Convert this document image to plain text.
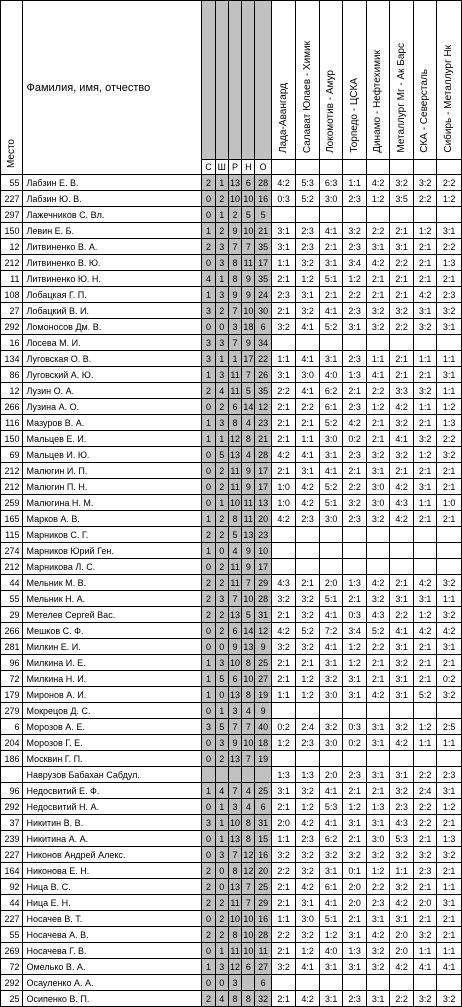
Место	Фамилия, имя, отчество						Лада-Авангард	Салават Юлаев - Химик	Локомотив - Амур	Торпедо - ЦСКА	Динамо - Нефтехимик	Металлург Мг - Ак Барс	СКА - Северсталь	Сибирь - Металлург Нк
		С	Ш	Р	Н	О								
55	Лабзин Е. В.	2	1	13	6	28	4:2	5:3	6:3	1:1	4:2	3:2	3:2	2:2
227	Лабзин Ю. В.	0	2	10	10	16	0:3	5:2	3:0	2:3	1:2	3:5	2:2	1:2
297	Лажечников С. Вл.	0	1	2	5	5								
150	Левин Е. Б.	1	2	9	10	21	3:1	2:3	4:1	3:2	2:2	2:1	1:2	3:1
12	Литвиненко В. А.	2	3	7	7	35	3:1	2:3	2:1	2:3	3:1	3:1	2:1	2:2
212	Литвиненко В. Ю.	0	3	8	11	17	1:1	3:2	3:1	3:4	4:2	2:2	2:1	1:3
11	Литвиненко Ю. Н.	4	1	8	9	35	2:1	1:2	5:1	1:2	2:1	2:1	2:1	2:1
108	Лобацкая Г. П.	1	3	9	9	24	2:3	3:1	2:1	2:2	2:1	2:1	4:2	2:3
27	Лобацкий В. И.	3	2	7	10	30	2:1	3:2	4:1	2:3	3:2	3:2	3:1	3:2
292	Ломоносов Дм. В.	0	0	3	18	6	3:2	4:1	5:2	3:1	3:2	2:2	3:2	3:1
16	Лосева М. И.	3	3	7	9	34								
134	Луговская О. В.	3	1	1	17	22	1:1	4:1	3:1	2:3	1:1	2:1	1:1	1:1
86	Луговский А. Ю.	1	3	11	7	26	3:1	3:0	4:0	1:3	4:1	2:1	2:1	3:1
12	Лузин О. А.	2	4	11	5	35	2:2	4:1	6:2	2:1	2:2	3:3	3:2	1:1
266	Лузина А. О.	0	2	6	14	12	2:1	2:2	6:1	2:3	1:2	4:2	1:1	1:2
116	Мазуров В. А.	1	3	8	4	23	2:1	2:1	5:2	4:2	2:1	3:2	2:1	1:3
150	Мальцев Е. И.	1	1	12	8	21	2:1	1:1	3:0	0:2	2:1	4:1	3:2	2:2
69	Мальцев И. Ю.	0	5	13	4	28	4:2	4:1	3:1	2:3	3:2	3:2	1:2	3:2
212	Малюгин И. П.	0	2	11	9	17	2:1	3:1	4:1	2:1	3:1	2:1	2:1	2:1
212	Малюгин П. Н.	0	2	11	9	17	1:0	4:2	5:2	2:2	3:0	4:2	3:1	2:1
259	Малюгина Н. М.	0	1	10	11	13	1:0	4:2	5:1	3:2	3:0	4:3	1:1	1:0
165	Марков А. В.	1	2	8	11	20	4:2	2:3	3:0	2:3	3:2	4:2	2:1	2:1
115	Марников С. Г.	2	2	5	13	23								
274	Марников Юрий Ген.	1	0	4	9	10								
212	Марникова Л. С.	0	2	11	9	17								
44	Мельник М. В.	2	2	11	7	29	4:3	2:1	2:0	1:3	4:2	2:1	4:2	3:2
55	Мельник Н. А.	2	3	7	10	28	3:2	3:2	5:1	2:1	3:2	3:1	3:1	1:1
29	Метелев Сергей Вас.	2	2	13	5	31	2:1	3:2	4:1	0:3	4:3	2:2	1:2	3:2
266	Мешков С. Ф.	0	2	6	14	12	4:2	5:2	7:2	3:4	5:2	4:1	4:2	4:2
281	Милкин Е. И.	0	0	9	13	9	3:2	3:2	4:1	1:2	2:2	3:1	2:1	3:1
96	Милкина И. Е.	1	3	10	8	25	2:1	2:1	3:1	1:2	2:1	3:2	2:1	2:1
72	Милкина Н. И.	1	5	6	10	27	2:1	1:2	3:2	3:1	2:1	3:1	2:1	0:2
179	Миронов А. И.	1	0	13	8	19	1:1	1:2	3:0	3:1	4:2	3:1	5:2	3:2
279	Мокрецов Д. С.	0	1	3	4	9								
6	Морозов А. Е.	3	5	7	7	40	0:2	2:4	3:2	0:3	3:1	3:2	1:2	2:5
204	Морозов Г. Е.	0	3	9	10	18	1:2	2:3	3:0	0:2	3:1	4:2	1:1	1:1
186	Москвин Г. П.	0	2	13	7	19								
	Наврузов Бабахан Сабдул.						1:3	1:3	2:0	2:3	3:1	3:1	2:2	2:3
96	Недосвитий Е. Ф.	1	4	7	4	25	3:1	3:2	4:1	2:1	2:1	3:2	2:4	3:1
292	Недосвитий Н. А.	0	1	3	4	6	2:1	1:2	5:3	1:2	1:3	2:3	2:2	1:2
37	Никитин В. В.	3	1	10	8	31	2:0	4:2	4:1	3:1	3:1	4:3	2:2	2:1
239	Никитина А. А.	0	1	13	8	15	1:1	2:3	6:2	2:1	3:0	5:3	2:1	1:3
227	Никонов Андрей Алекс.	0	3	7	12	16	3:2	3:2	3:2	3:2	3:2	3:2	3:2	3:2
164	Никонова Е. Н.	2	0	8	12	20	2:2	3:2	3:1	0:1	1:2	1:1	2:3	2:1
92	Ница В. С.	2	0	13	7	25	2:1	4:2	6:1	2:0	2:2	3:2	2:1	1:1
44	Ница Е. Н.	2	2	11	7	29	2:1	3:1	4:1	2:0	2:3	4:2	2:0	3:1
227	Носачев В. Т.	0	2	10	10	16	1:1	3:0	5:1	2:1	3:1	3:1	2:1	2:1
55	Носачева А. В.	2	2	8	10	28	2:2	3:2	1:2	3:1	4:2	2:0	3:2	2:1
269	Носачева Г. В.	0	1	11	10	11	2:1	1:2	4:0	1:3	3:2	2:0	1:1	1:1
72	Омелько В. А.	1	3	12	6	27	3:2	4:1	3:1	3:1	3:2	4:2	4:1	4:1
292	Осауленко А. А.	0	0	3		6								
25	Осипенко В. П.	2	4	8	8	32	2:1	4:2	3:1	2:3	3:1	2:2	3:2	3:2
